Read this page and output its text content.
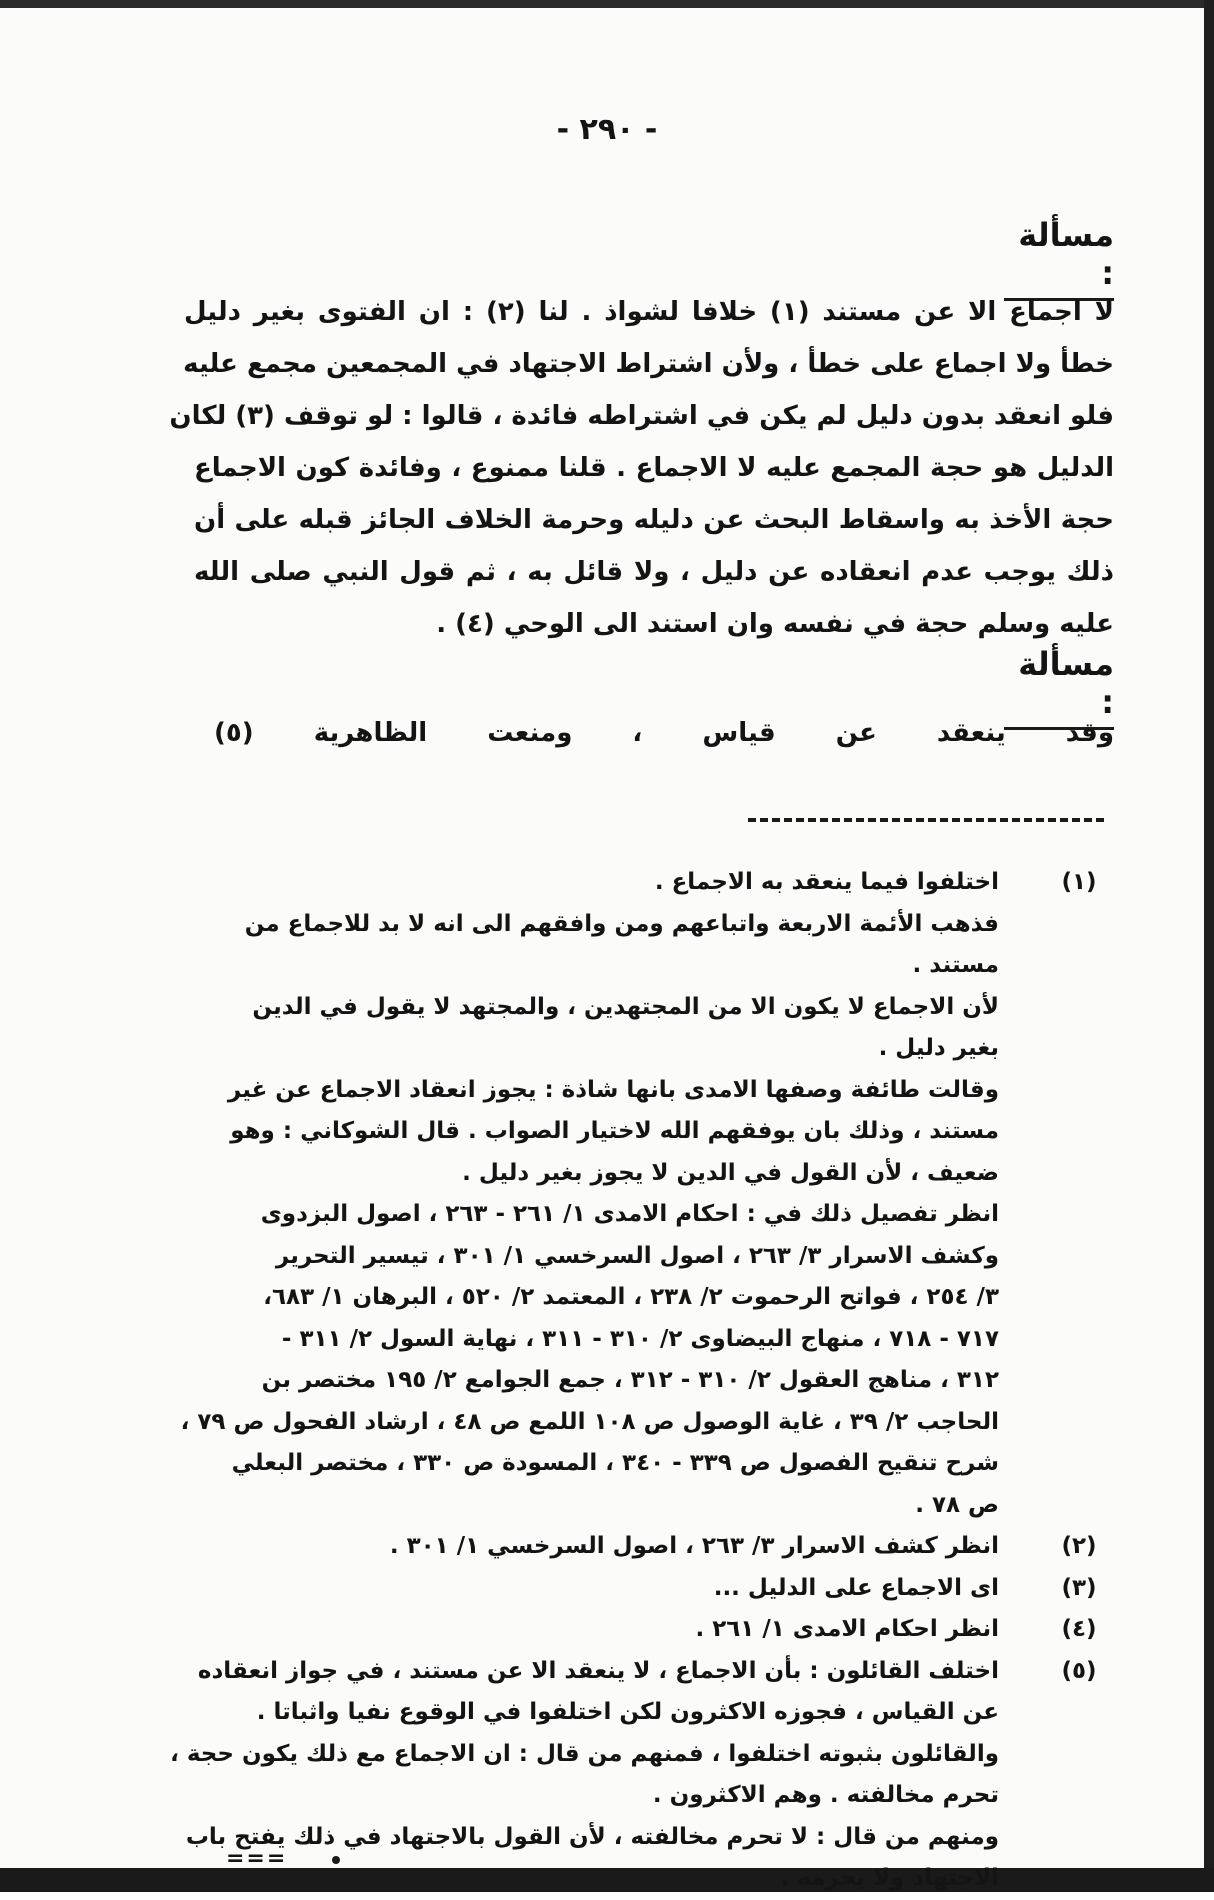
- ٢٩٠ -
مسألة :
لا اجماع الا عن مستند (١) خلافا لشواذ . لنا (٢) : ان الفتوى بغير دليل
خطأ ولا اجماع على خطأ ، ولأن اشتراط الاجتهاد في المجمعين مجمع عليه
فلو انعقد بدون دليل لم يكن في اشتراطه فائدة ، قالوا : لو توقف (٣) لكان
الدليل هو حجة المجمع عليه لا الاجماع . قلنا ممنوع ، وفائدة كون الاجماع
حجة الأخذ به واسقاط البحث عن دليله وحرمة الخلاف الجائز قبله على أن
ذلك يوجب عدم انعقاده عن دليل ، ولا قائل به ، ثم قول النبي صلى الله
عليه وسلم حجة في نفسه وان استند الى الوحي (٤) .
مسألة :
وقد ينعقد عن قياس ، ومنعت الظاهرية (٥)
(١)
اختلفوا فيما ينعقد به الاجماع .
فذهب الأئمة الاربعة واتباعهم ومن وافقهم الى انه لا بد للاجماع من مستند .
لأن الاجماع لا يكون الا من المجتهدين ، والمجتهد لا يقول في الدين
بغير دليل .
وقالت طائفة وصفها الامدى بانها شاذة : يجوز انعقاد الاجماع عن غير
مستند ، وذلك بان يوفقهم الله لاختيار الصواب . قال الشوكاني : وهو
ضعيف ، لأن القول في الدين لا يجوز بغير دليل .
انظر تفصيل ذلك في : احكام الامدى ١/ ٢٦١ - ٢٦٣ ، اصول البزدوى
وكشف الاسرار ٣/ ٢٦٣ ، اصول السرخسي ١/ ٣٠١ ، تيسير التحرير
٣/ ٢٥٤ ، فواتح الرحموت ٢/ ٢٣٨ ، المعتمد ٢/ ٥٢٠ ، البرهان ١/ ٦٨٣،
٧١٧ - ٧١٨ ، منهاج البيضاوى ٢/ ٣١٠ - ٣١١ ، نهاية السول ٢/ ٣١١ -
٣١٢ ، مناهج العقول ٢/ ٣١٠ - ٣١٢ ، جمع الجوامع ٢/ ١٩٥ مختصر بن
الحاجب ٢/ ٣٩ ، غاية الوصول ص ١٠٨ اللمع ص ٤٨ ، ارشاد الفحول ص ٧٩ ،
شرح تنقيح الفصول ص ٣٣٩ - ٣٤٠ ، المسودة ص ٣٣٠ ، مختصر البعلي
ص ٧٨ .
(٢)
انظر كشف الاسرار ٣/ ٢٦٣ ، اصول السرخسي ١/ ٣٠١ .
(٣)
اى الاجماع على الدليل ...
(٤)
انظر احكام الامدى ١/ ٢٦١ .
(٥)
اختلف القائلون : بأن الاجماع ، لا ينعقد الا عن مستند ، في جواز انعقاده
عن القياس ، فجوزه الاكثرون لكن اختلفوا في الوقوع نفيا واثباتا .
والقائلون بثبوته اختلفوا ، فمنهم من قال : ان الاجماع مع ذلك يكون حجة ،
تحرم مخالفته . وهم الاكثرون .
ومنهم من قال : لا تحرم مخالفته ، لأن القول بالاجتهاد في ذلك يفتح باب
الاجتهاد ولا يحرمه .
===
